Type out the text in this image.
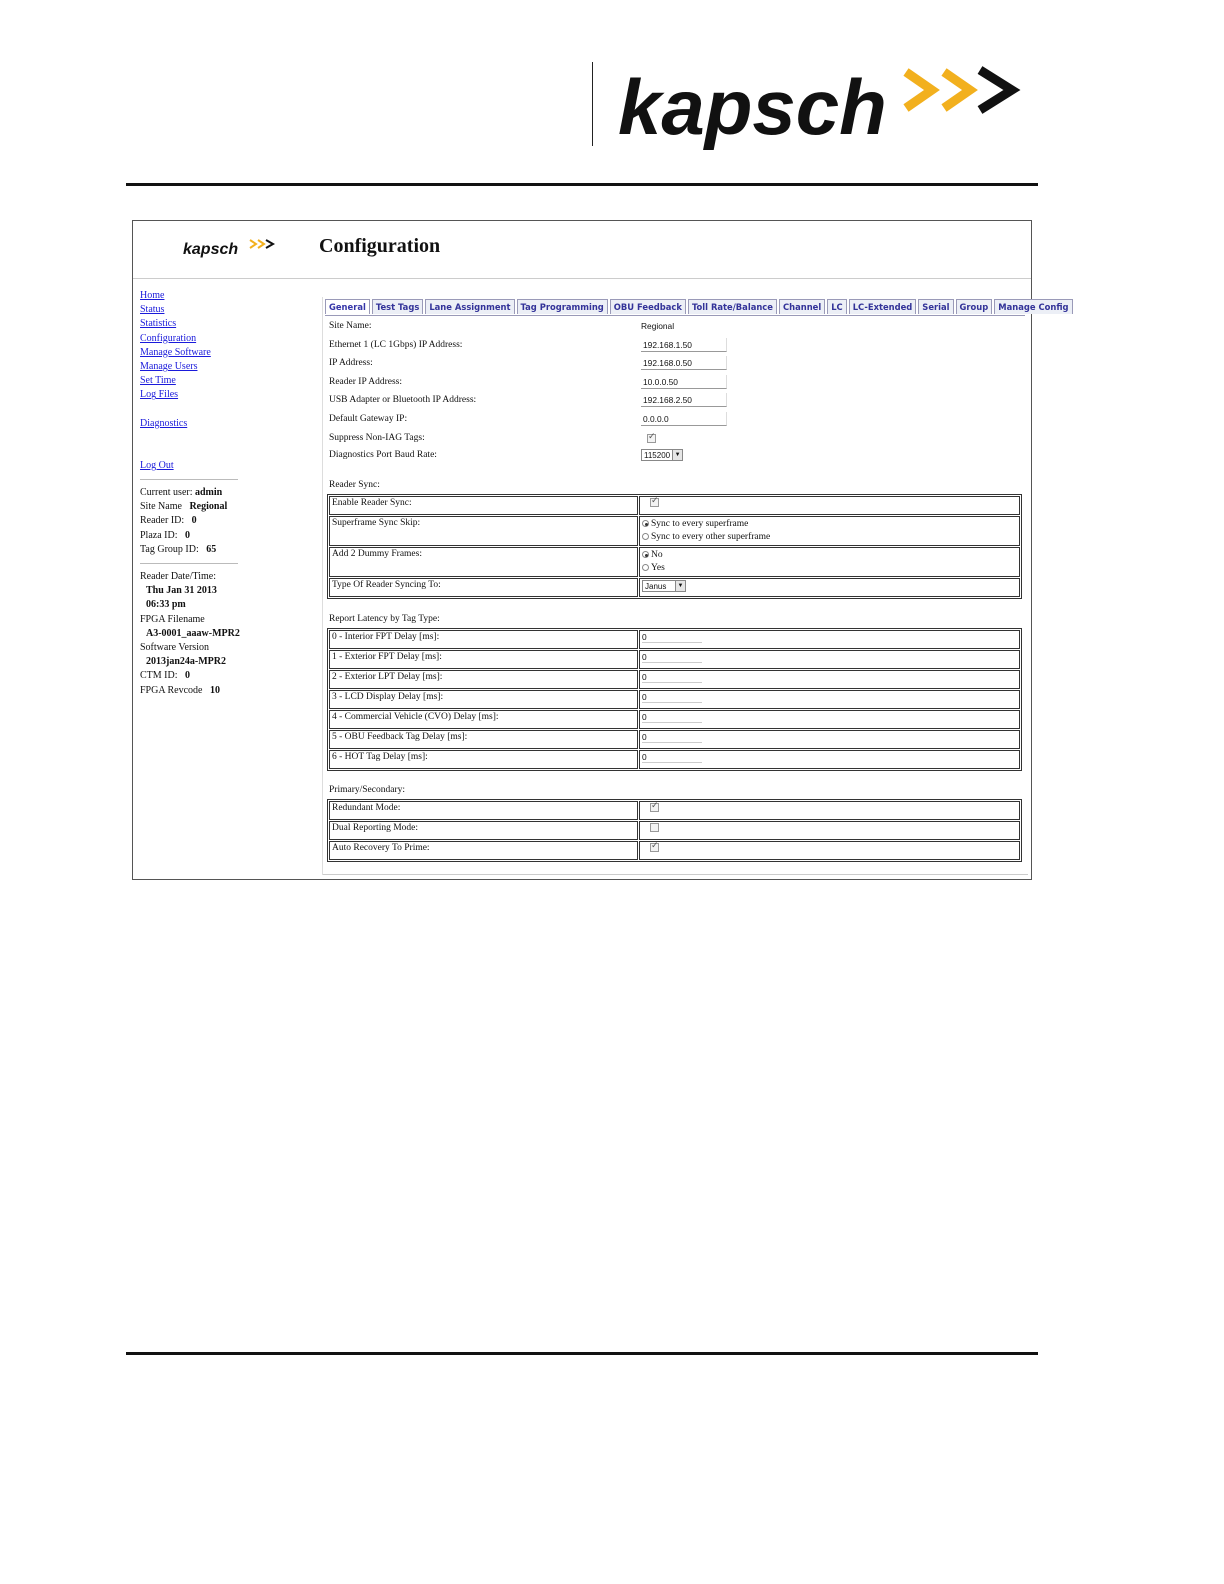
kapsch
kapsch	Configuration
Home
Status
Statistics
Configuration
Manage Software
Manage Users
Set Time
Log Files
Diagnostics
Log Out
Current user: admin
Site Name Regional
Reader ID: 0
Plaza ID: 0
Tag Group ID: 65
Reader Date/Time:
Thu Jan 31 2013
06:33 pm
FPGA Filename
A3-0001_aaaw-MPR2
Software Version
2013jan24a-MPR2
CTM ID: 0
FPGA Revcode 10
General	Test Tags	Lane Assignment	Tag Programming	OBU Feedback	Toll Rate/Balance	Channel	LC	LC-Extended	Serial	Group	Manage Config
Site Name:	Regional
Ethernet 1 (LC 1Gbps) IP Address:	192.168.1.50
IP Address:	192.168.0.50
Reader IP Address:	10.0.0.50
USB Adapter or Bluetooth IP Address:	192.168.2.50
Default Gateway IP:	0.0.0.0
Suppress Non-IAG Tags:
✓
Diagnostics Port Baud Rate:	115200 ▼
Reader Sync:
Enable Reader Sync:	✓
Superframe Sync Skip:	Sync to every superframe
Sync to every other superframe

Add 2 Dummy Frames:	No
Yes

Type Of Reader Syncing To:	Janus ▼
Report Latency by Tag Type:
0 - Interior FPT Delay [ms]:	0
1 - Exterior FPT Delay [ms]:	0
2 - Exterior LPT Delay [ms]:	0
3 - LCD Display Delay [ms]:	0
4 - Commercial Vehicle (CVO) Delay [ms]:	0
5 - OBU Feedback Tag Delay [ms]:	0
6 - HOT Tag Delay [ms]:	0
Primary/Secondary:
Redundant Mode:	✓
Dual Reporting Mode:	
Auto Recovery To Prime:	✓
